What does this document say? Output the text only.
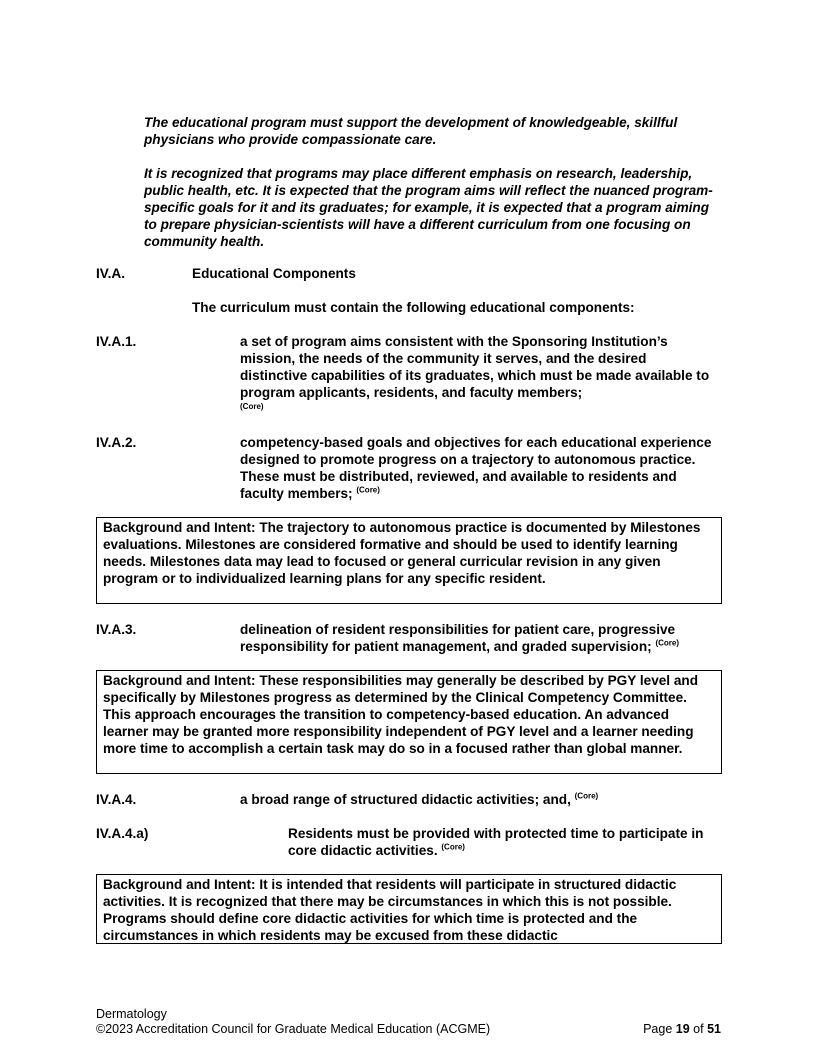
The educational program must support the development of knowledgeable, skillful physicians who provide compassionate care.
It is recognized that programs may place different emphasis on research, leadership, public health, etc. It is expected that the program aims will reflect the nuanced program-specific goals for it and its graduates; for example, it is expected that a program aiming to prepare physician-scientists will have a different curriculum from one focusing on community health.
IV.A.	Educational Components
The curriculum must contain the following educational components:
IV.A.1.	a set of program aims consistent with the Sponsoring Institution’s mission, the needs of the community it serves, and the desired distinctive capabilities of its graduates, which must be made available to program applicants, residents, and faculty members;
(Core)
IV.A.2.	competency-based goals and objectives for each educational experience designed to promote progress on a trajectory to autonomous practice. These must be distributed, reviewed, and available to residents and faculty members; $^{(Core)}$
Background and Intent: The trajectory to autonomous practice is documented by Milestones evaluations. Milestones are considered formative and should be used to identify learning needs. Milestones data may lead to focused or general curricular revision in any given program or to individualized learning plans for any specific resident.
IV.A.3.	delineation of resident responsibilities for patient care, progressive responsibility for patient management, and graded supervision; $^{(Core)}$
Background and Intent: These responsibilities may generally be described by PGY level and specifically by Milestones progress as determined by the Clinical Competency Committee. This approach encourages the transition to competency-based education. An advanced learner may be granted more responsibility independent of PGY level and a learner needing more time to accomplish a certain task may do so in a focused rather than global manner.
IV.A.4.	a broad range of structured didactic activities; and, $^{(Core)}$
IV.A.4.a)	Residents must be provided with protected time to participate in core didactic activities. $^{(Core)}$
Background and Intent: It is intended that residents will participate in structured didactic activities. It is recognized that there may be circumstances in which this is not possible. Programs should define core didactic activities for which time is protected and the circumstances in which residents may be excused from these didactic
Dermatology
©2023 Accreditation Council for Graduate Medical Education (ACGME)	Page 19 of 51
